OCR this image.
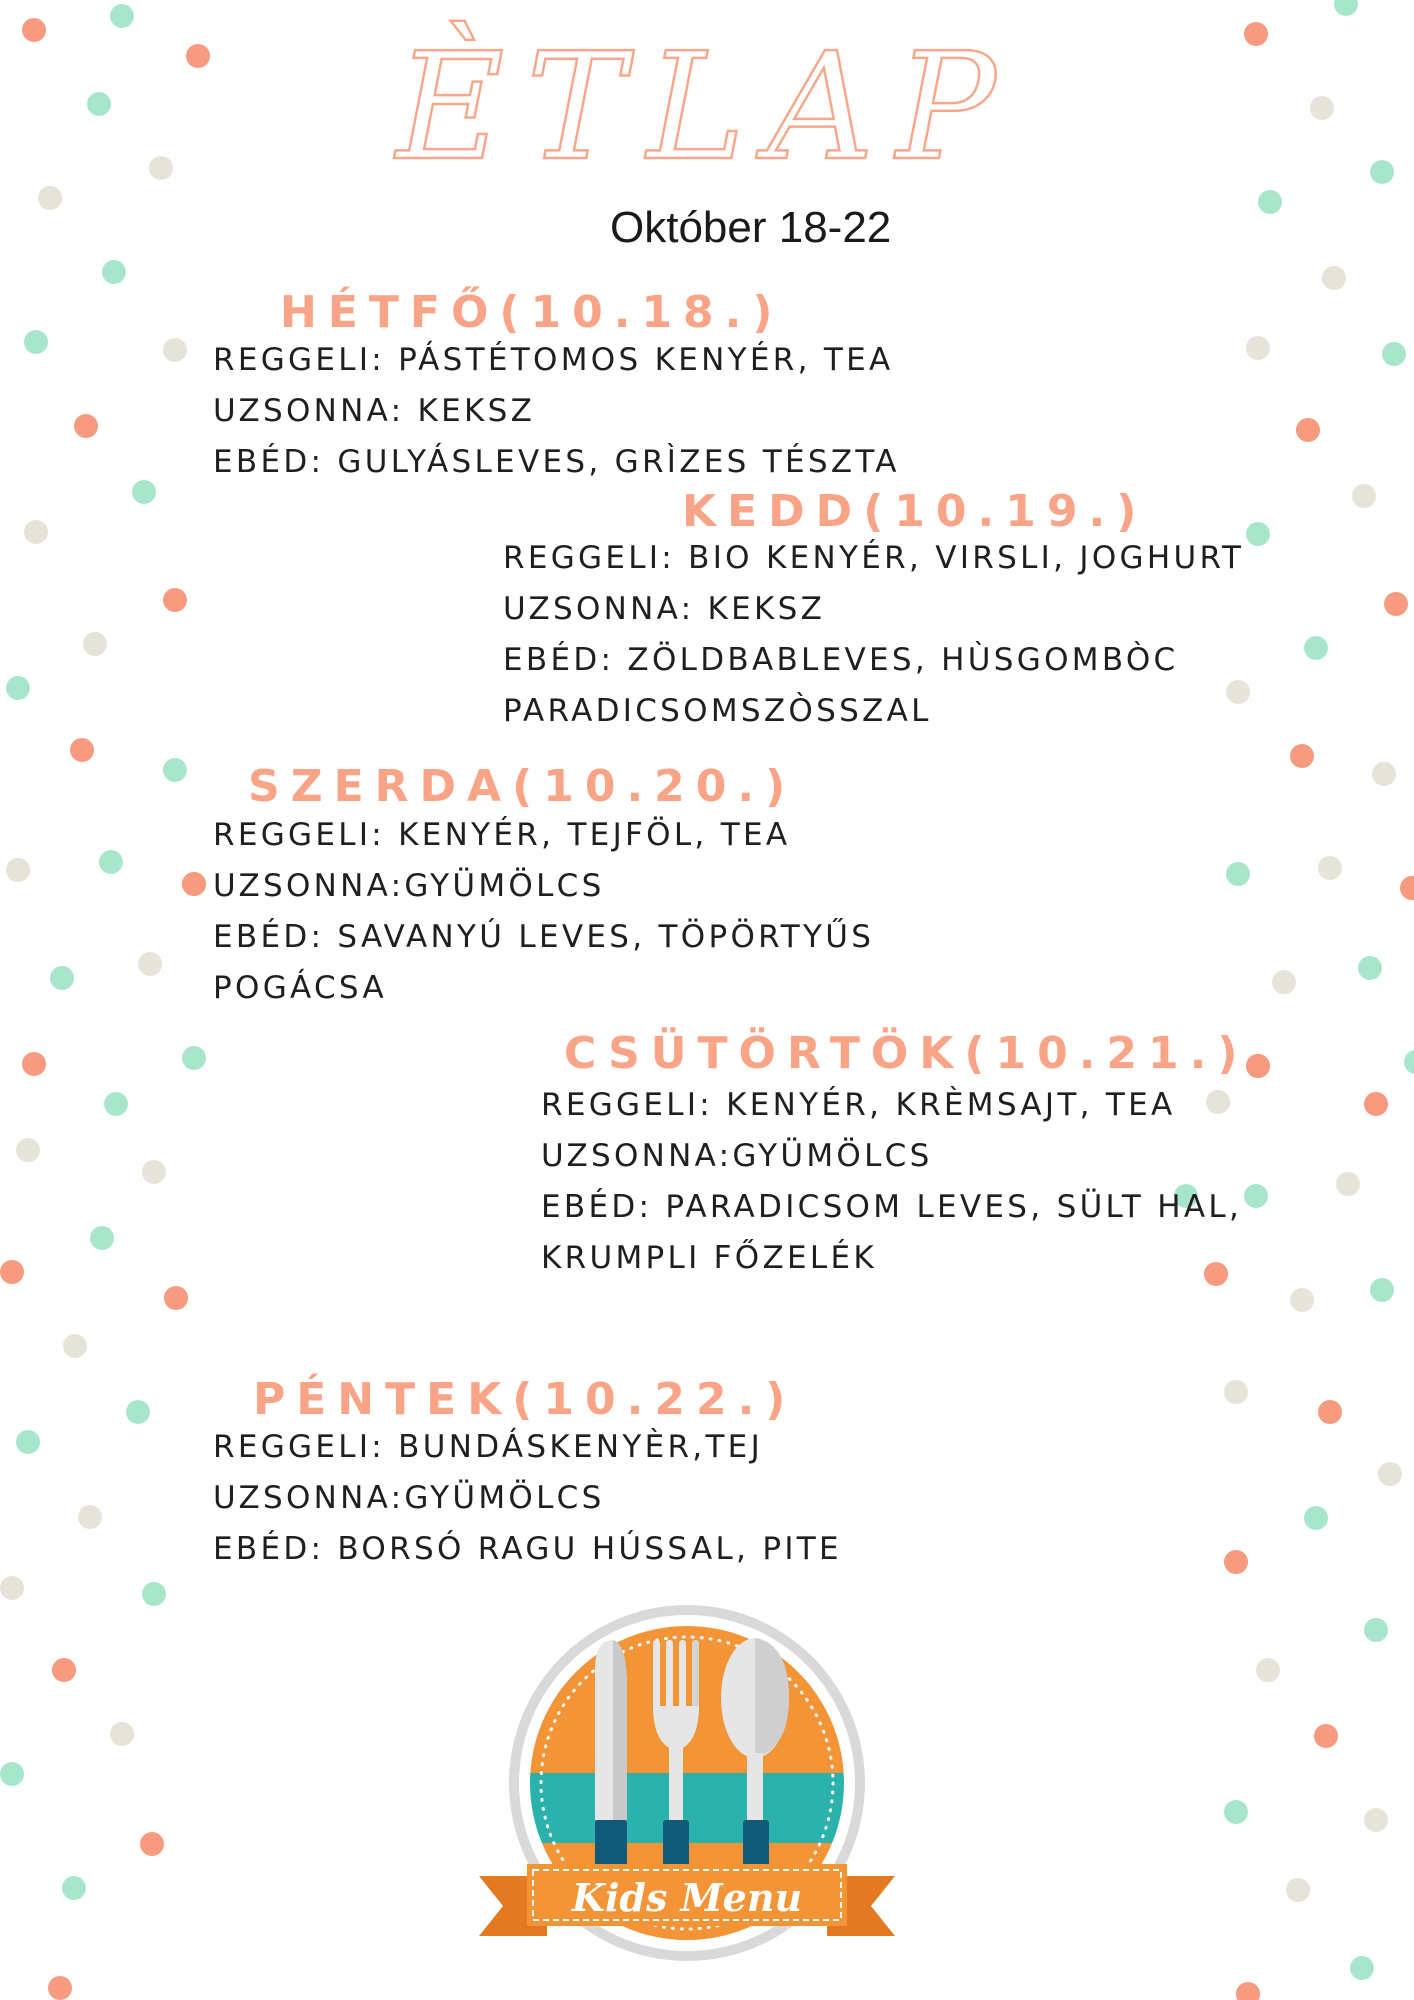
ÈTLAP
Október 18-22
HÉTFŐ(10.18.)
REGGELI: PÁSTÉTOMOS KENYÉR, TEA
UZSONNA: KEKSZ
EBÉD: GULYÁSLEVES, GRÌZES TÉSZTA
KEDD(10.19.)
REGGELI: BIO KENYÉR, VIRSLI, JOGHURT
UZSONNA: KEKSZ
EBÉD: ZÖLDBABLEVES, HÙSGOMBÒC
PARADICSOMSZÒSSZAL
SZERDA(10.20.)
REGGELI: KENYÉR, TEJFÖL, TEA
UZSONNA:GYÜMÖLCS
EBÉD: SAVANYÚ LEVES, TÖPÖRTYŰS
POGÁCSA
CSÜTÖRTÖK(10.21.)
REGGELI: KENYÉR, KRÈMSAJT, TEA
UZSONNA:GYÜMÖLCS
EBÉD: PARADICSOM LEVES, SÜLT HAL,
KRUMPLI FŐZELÉK
PÉNTEK(10.22.)
REGGELI: BUNDÁSKENYÈR,TEJ
UZSONNA:GYÜMÖLCS
EBÉD: BORSÓ RAGU HÚSSAL, PITE
Kids Menu
